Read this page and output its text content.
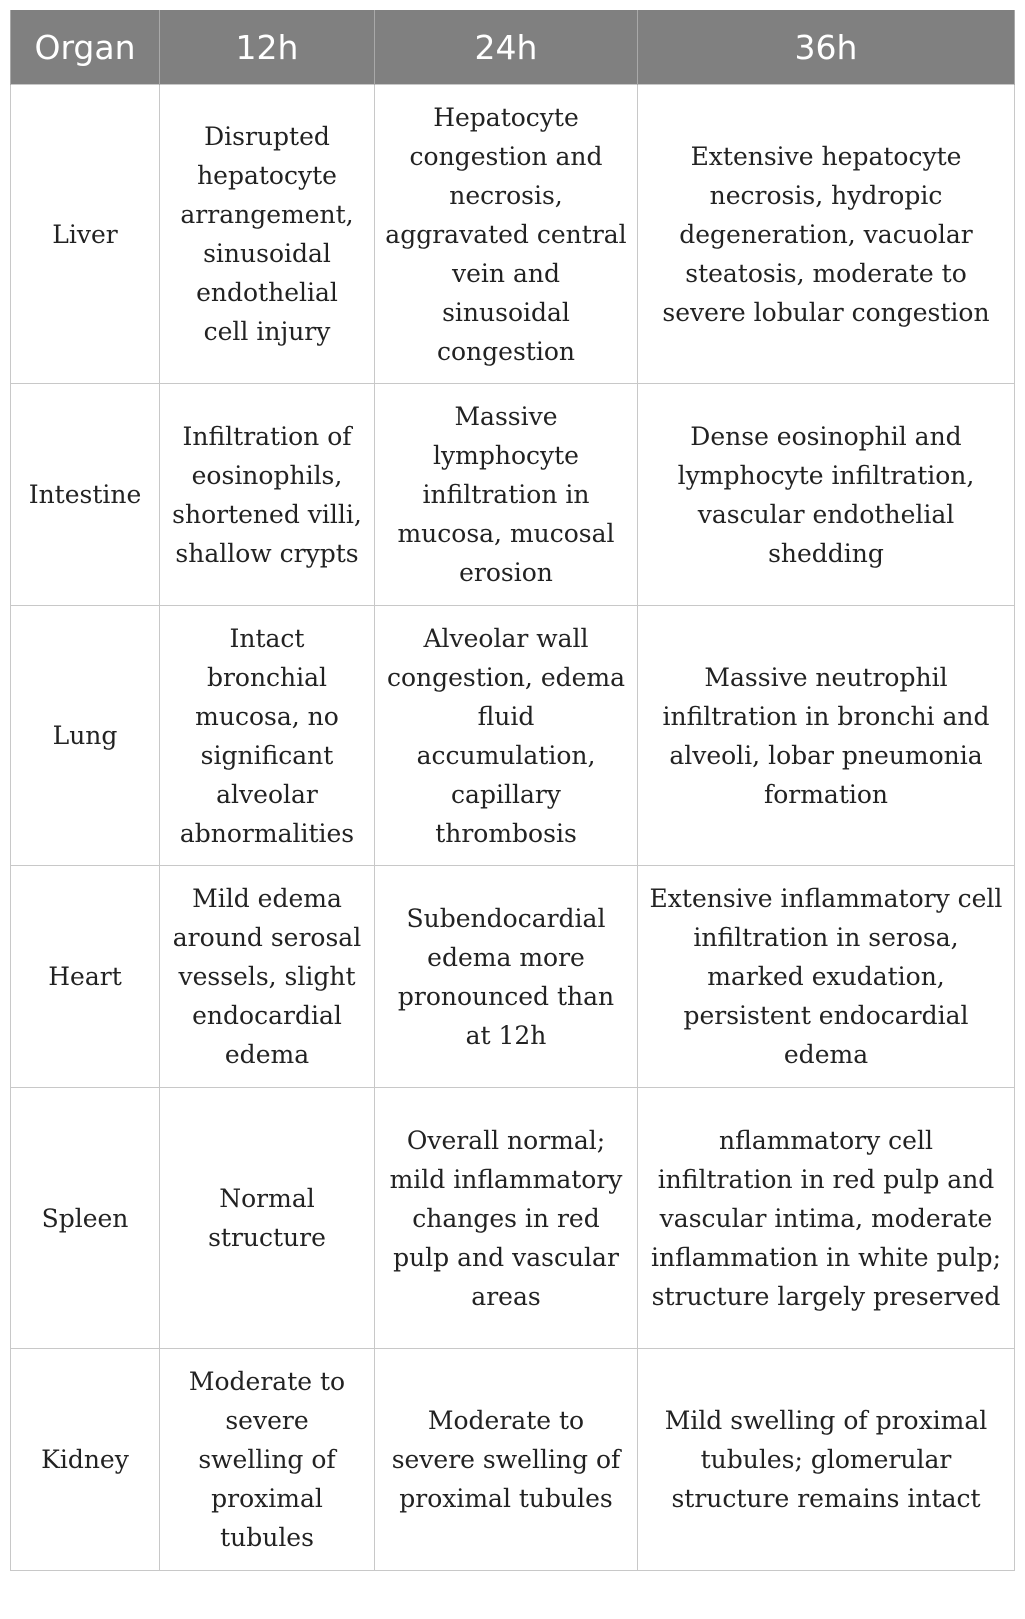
Organ	12h	24h	36h
Liver	Disrupted hepatocyte arrangement, sinusoidal endothelial cell injury	Hepatocyte congestion and necrosis, aggravated central vein and sinusoidal congestion	Extensive hepatocyte necrosis, hydropic degeneration, vacuolar steatosis, moderate to severe lobular congestion
Intestine	Infiltration of eosinophils, shortened villi, shallow crypts	Massive lymphocyte infiltration in mucosa, mucosal erosion	Dense eosinophil and lymphocyte infiltration, vascular endothelial shedding
Lung	Intact bronchial mucosa, no significant alveolar abnormalities	Alveolar wall congestion, edema fluid accumulation, capillary thrombosis	Massive neutrophil infiltration in bronchi and alveoli, lobar pneumonia formation
Heart	Mild edema around serosal vessels, slight endocardial edema	Subendocardial edema more pronounced than at 12h	Extensive inflammatory cell infiltration in serosa, marked exudation, persistent endocardial edema
Spleen	Normal structure	Overall normal; mild inflammatory changes in red pulp and vascular areas	nflammatory cell infiltration in red pulp and vascular intima, moderate inflammation in white pulp; structure largely preserved
Kidney	Moderate to severe swelling of proximal tubules	Moderate to severe swelling of proximal tubules	Mild swelling of proximal tubules; glomerular structure remains intact
